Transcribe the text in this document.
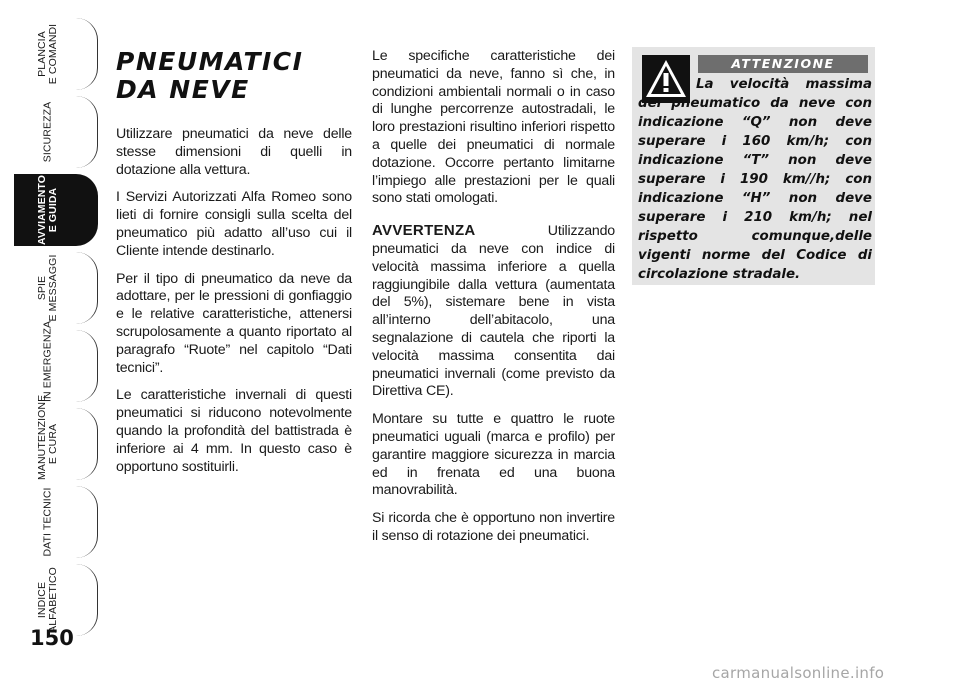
PLANCIA
E COMANDI
SICUREZZA
AVVIAMENTO
E GUIDA
SPIE
E MESSAGGI
IN EMERGENZA
MANUTENZIONE
E CURA
DATI TECNICI
INDICE
ALFABETICO
150
PNEUMATICI
DA NEVE

Utilizzare pneumatici da neve delle stesse dimensioni di quelli in dotazione alla vettura.

I Servizi Autorizzati Alfa Romeo sono lieti di fornire consigli sulla scelta del pneumatico più adatto all’uso cui il Cliente intende destinarlo.

Per il tipo di pneumatico da neve da adottare, per le pressioni di gonfiaggio e le relative caratteristiche, attenersi scrupolosamente a quanto riportato al paragrafo “Ruote” nel capitolo “Dati tecnici”.

Le caratteristiche invernali di questi pneumatici si riducono notevolmente quando la profondità del battistrada è inferiore ai 4 mm. In questo caso è opportuno sostituirli.

Le specifiche caratteristiche dei pneumatici da neve, fanno sì che, in condizioni ambientali normali o in caso di lunghe percorrenze autostradali, le loro prestazioni risultino inferiori rispetto a quelle dei pneumatici di normale dotazione. Occorre pertanto limitarne l’impiego alle prestazioni per le quali sono stati omologati.

AVVERTENZA	Utilizzando pneumatici da neve con indice di velocità massima inferiore a quella raggiungibile dalla vettura (aumentata del 5%), sistemare bene in vista all’interno dell’abitacolo, una segnalazione di cautela che riporti la velocità massima consentita dai pneumatici invernali (come previsto da Direttiva CE).

Montare su tutte e quattro le ruote pneumatici uguali (marca e profilo) per garantire maggiore sicurezza in marcia ed in frenata ed una buona manovrabilità.

Si ricorda che è opportuno non invertire il senso di rotazione dei pneumatici.

ATTENZIONE
La velocità massima del pneumatico da neve con indicazione “Q” non deve superare i 160 km/h; con indicazione “T” non deve superare i 190 km//h; con indicazione “H” non deve superare i 210 km/h; nel rispetto comunque,delle vigenti norme del Codice di circolazione stradale.
carmanualsonline.info
